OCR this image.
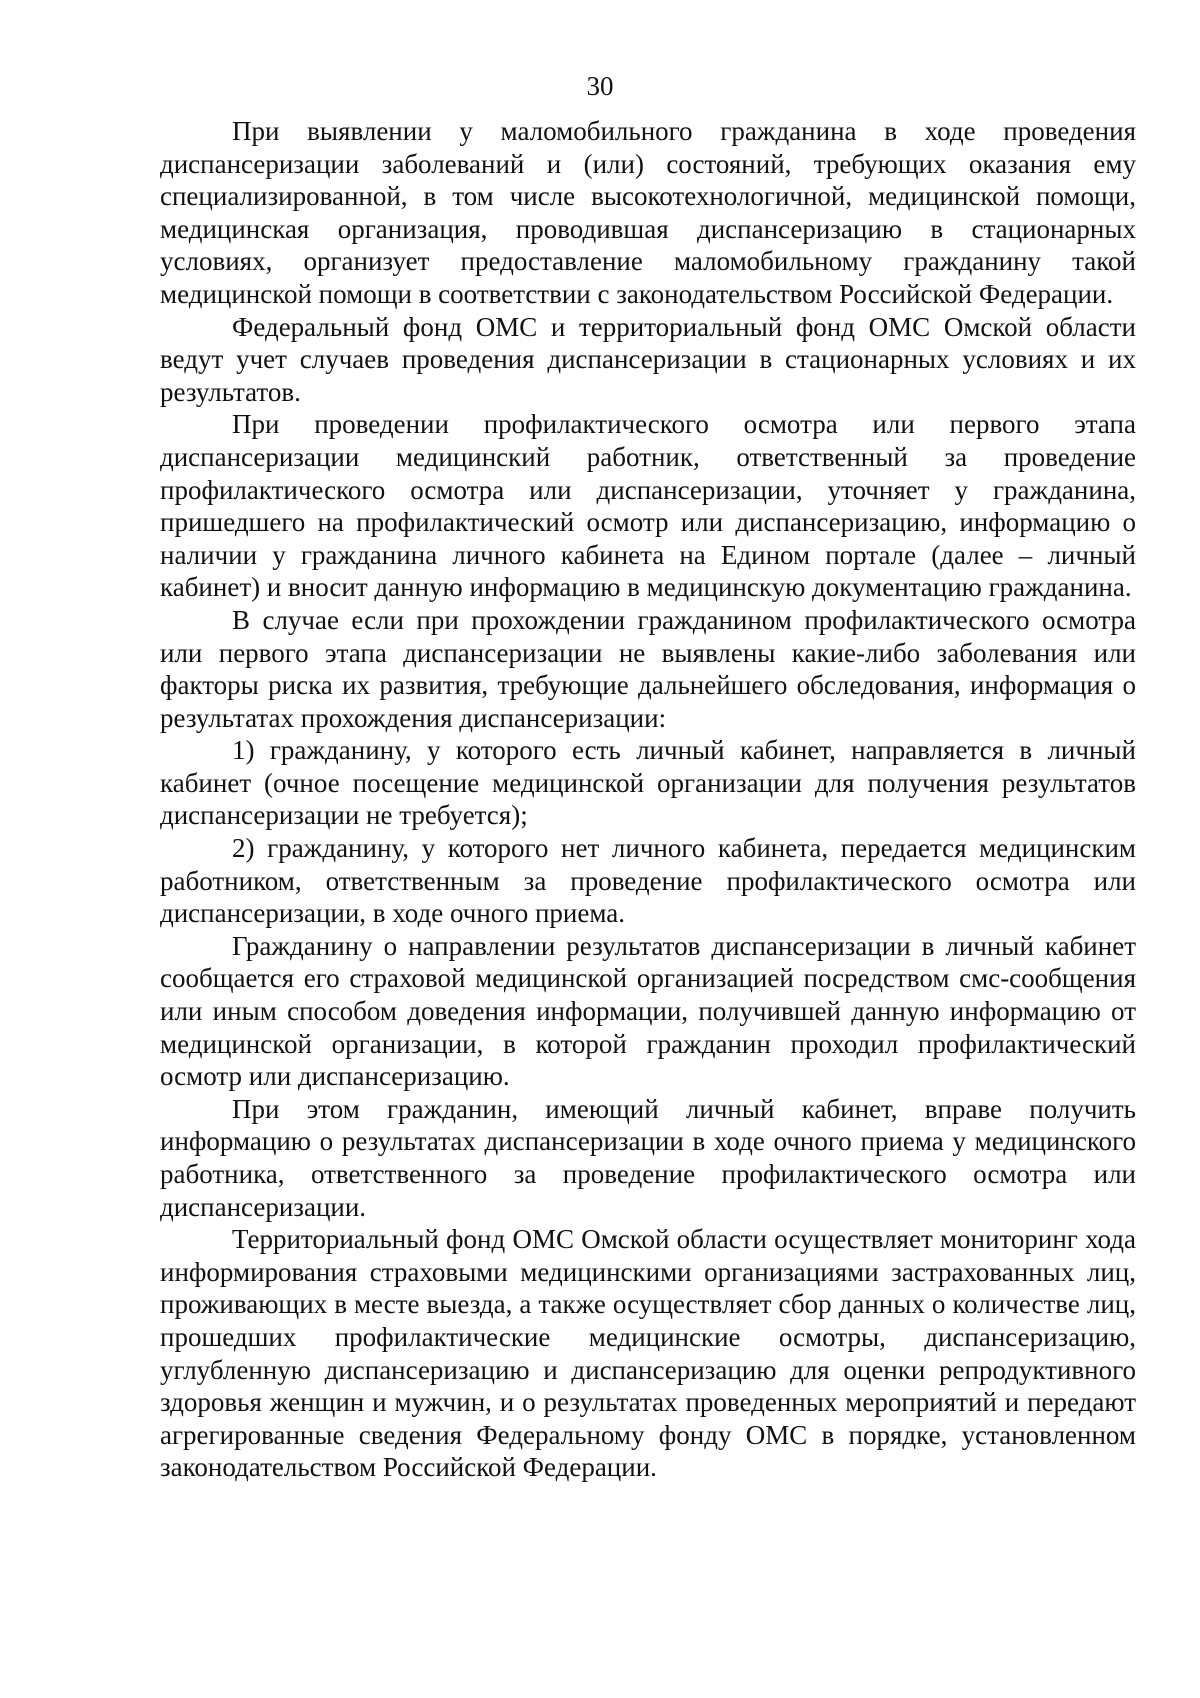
30

При выявлении у маломобильного гражданина в ходе проведения диспансеризации заболеваний и (или) состояний, требующих оказания ему специализированной, в том числе высокотехнологичной, медицинской помощи, медицинская организация, проводившая диспансеризацию в стационарных условиях, организует предоставление маломобильному гражданину такой медицинской помощи в соответствии с законодательством Российской Федерации.

Федеральный фонд ОМС и территориальный фонд ОМС Омской области ведут учет случаев проведения диспансеризации в стационарных условиях и их результатов.

При проведении профилактического осмотра или первого этапа диспансеризации медицинский работник, ответственный за проведение профилактического осмотра или диспансеризации, уточняет у гражданина, пришедшего на профилактический осмотр или диспансеризацию, информацию о наличии у гражданина личного кабинета на Едином портале (далее – личный кабинет) и вносит данную информацию в медицинскую документацию гражданина.

В случае если при прохождении гражданином профилактического осмотра или первого этапа диспансеризации не выявлены какие-либо заболевания или факторы риска их развития, требующие дальнейшего обследования, информация о результатах прохождения диспансеризации:

1) гражданину, у которого есть личный кабинет, направляется в личный кабинет (очное посещение медицинской организации для получения результатов диспансеризации не требуется);

2) гражданину, у которого нет личного кабинета, передается медицинским работником, ответственным за проведение профилактического осмотра или диспансеризации, в ходе очного приема.

Гражданину о направлении результатов диспансеризации в личный кабинет сообщается его страховой медицинской организацией посредством смс-сообщения или иным способом доведения информации, получившей данную информацию от медицинской организации, в которой гражданин проходил профилактический осмотр или диспансеризацию.

При этом гражданин, имеющий личный кабинет, вправе получить информацию о результатах диспансеризации в ходе очного приема у медицинского работника, ответственного за проведение профилактического осмотра или диспансеризации.

Территориальный фонд ОМС Омской области осуществляет мониторинг хода информирования страховыми медицинскими организациями застрахованных лиц, проживающих в месте выезда, а также осуществляет сбор данных о количестве лиц, прошедших профилактические медицинские осмотры, диспансеризацию, углубленную диспансеризацию и диспансеризацию для оценки репродуктивного здоровья женщин и мужчин, и о результатах проведенных мероприятий и передают агрегированные сведения Федеральному фонду ОМС в порядке, установленном законодательством Российской Федерации.
